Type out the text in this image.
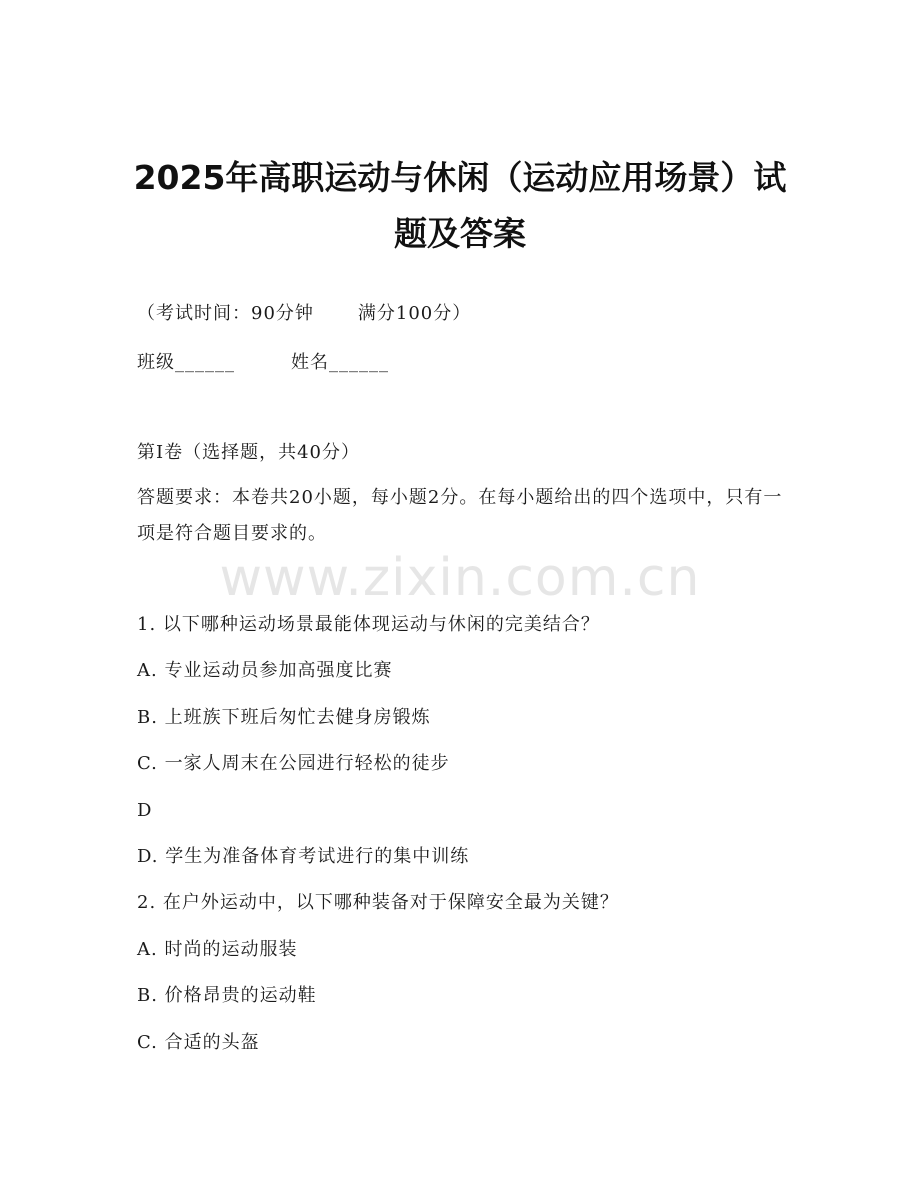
2025年高职运动与休闲（运动应用场景）试
题及答案
（考试时间：90分钟 满分100分）
班级______	姓名______
第I卷（选择题，共40分）
答题要求：本卷共20小题，每小题2分。在每小题给出的四个选项中，只有一项是符合题目要求的。
www.zixin.com.cn
1. 以下哪种运动场景最能体现运动与休闲的完美结合？
A. 专业运动员参加高强度比赛
B. 上班族下班后匆忙去健身房锻炼
C. 一家人周末在公园进行轻松的徒步
D
D. 学生为准备体育考试进行的集中训练
2. 在户外运动中，以下哪种装备对于保障安全最为关键？
A. 时尚的运动服装
B. 价格昂贵的运动鞋
C. 合适的头盔
